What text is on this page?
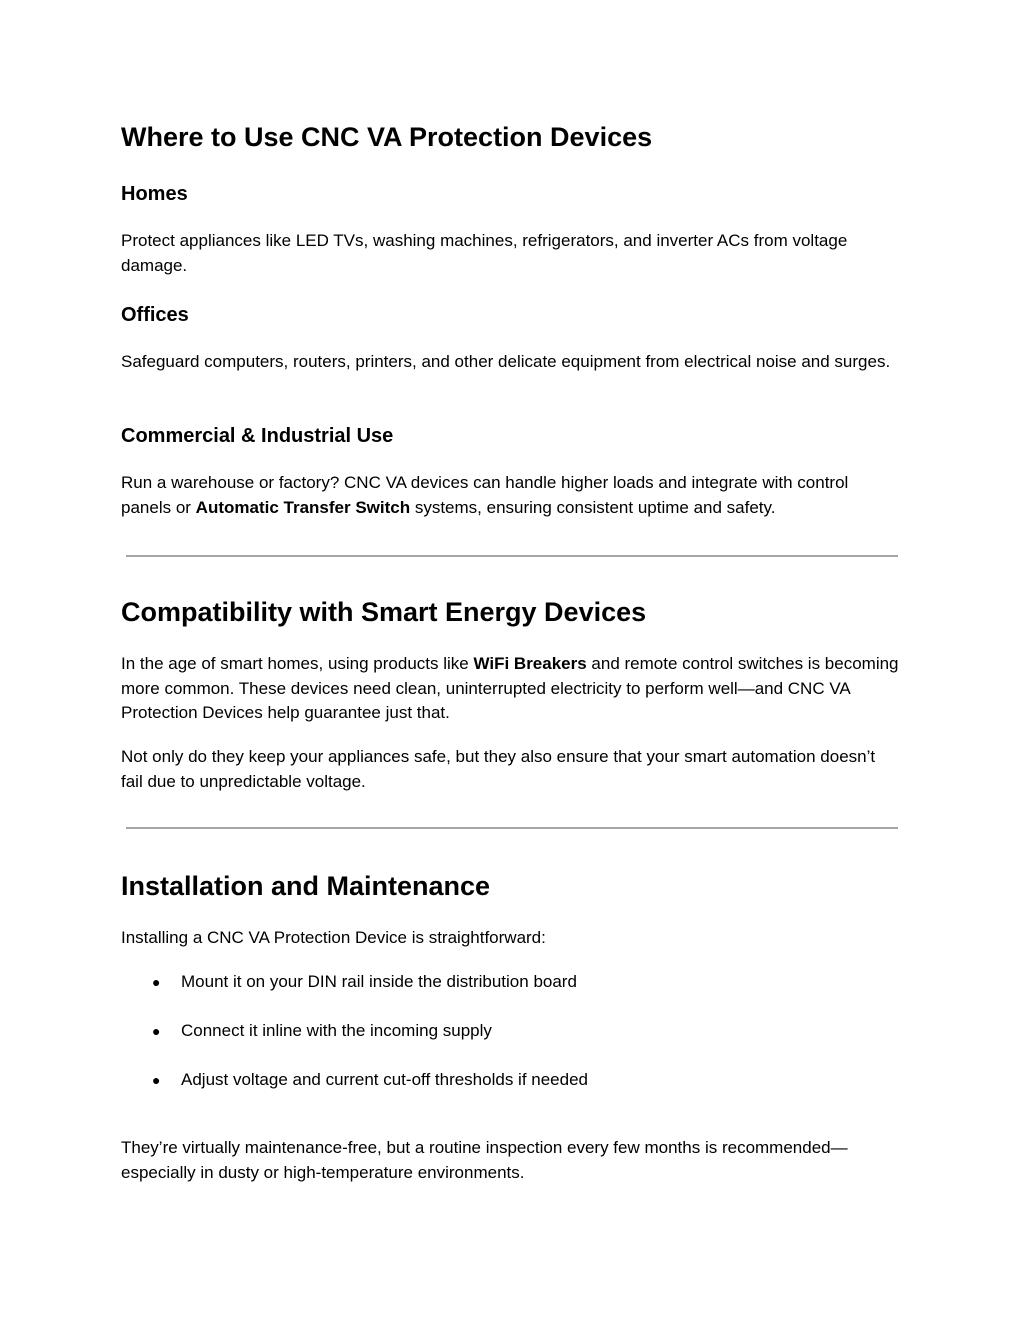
Where to Use CNC VA Protection Devices
Homes

Protect appliances like LED TVs, washing machines, refrigerators, and inverter ACs from voltage damage.

Offices

Safeguard computers, routers, printers, and other delicate equipment from electrical noise and surges.

Commercial & Industrial Use

Run a warehouse or factory? CNC VA devices can handle higher loads and integrate with control panels or Automatic Transfer Switch systems, ensuring consistent uptime and safety.

Compatibility with Smart Energy Devices

In the age of smart homes, using products like WiFi Breakers and remote control switches is becoming more common. These devices need clean, uninterrupted electricity to perform well—and CNC VA Protection Devices help guarantee just that.

Not only do they keep your appliances safe, but they also ensure that your smart automation doesn’t fail due to unpredictable voltage.

Installation and Maintenance

Installing a CNC VA Protection Device is straightforward:

● Mount it on your DIN rail inside the distribution board
● Connect it inline with the incoming supply
● Adjust voltage and current cut-off thresholds if needed

They’re virtually maintenance-free, but a routine inspection every few months is recommended—especially in dusty or high-temperature environments.
